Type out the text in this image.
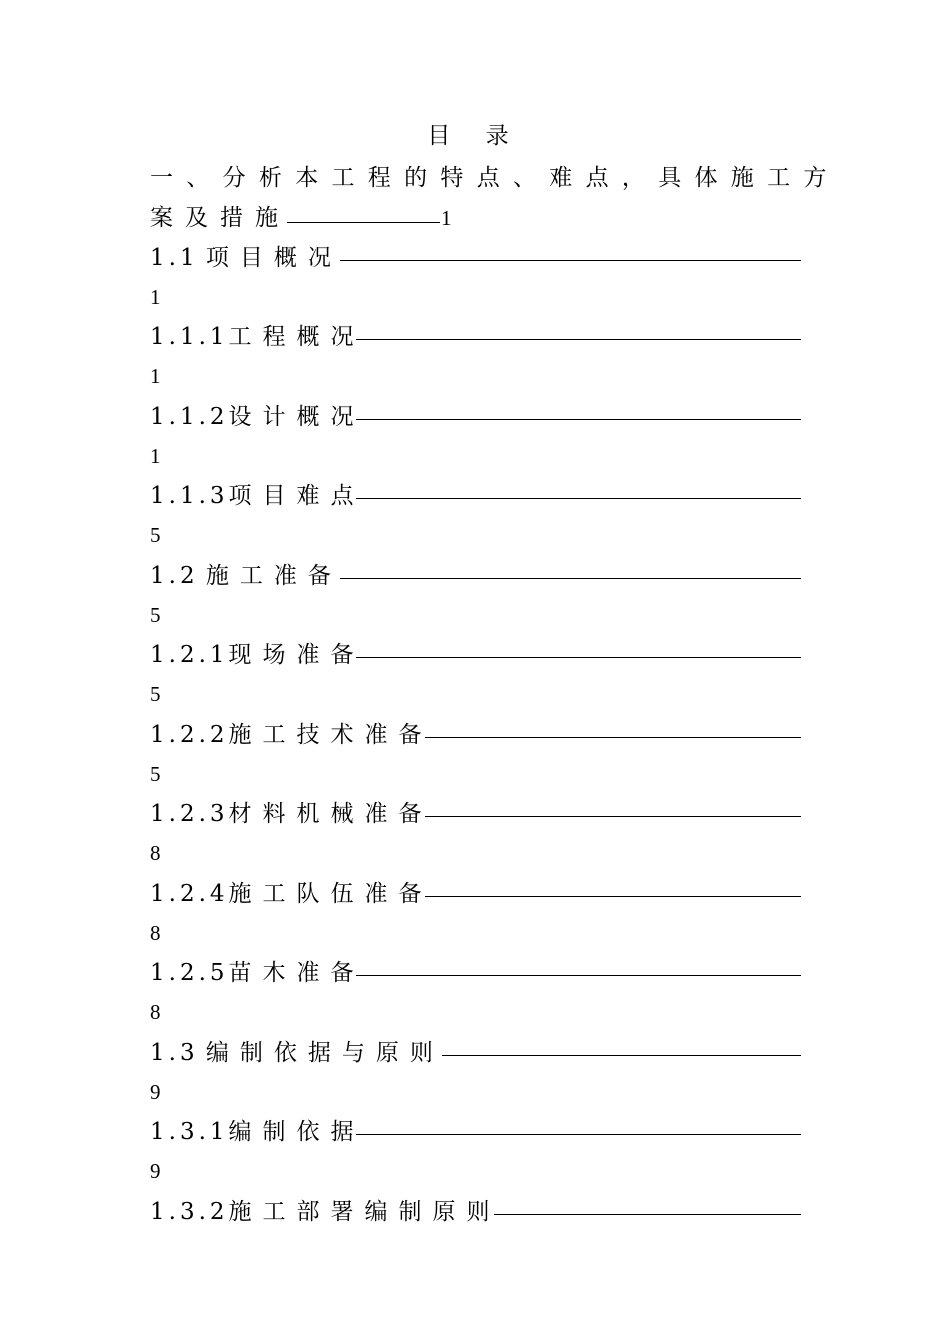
目 录
一、分析本工程的特点、难点，具体施工方
案及措施	1
1.1 项目概况
1
1.1.1工程概况
1
1.1.2设计概况
1
1.1.3项目难点
5
1.2 施工准备
5
1.2.1现场准备
5
1.2.2施工技术准备
5
1.2.3材料机械准备
8
1.2.4施工队伍准备
8
1.2.5苗木准备
8
1.3 编制依据与原则
9
1.3.1编制依据
9
1.3.2施工部署编制原则
